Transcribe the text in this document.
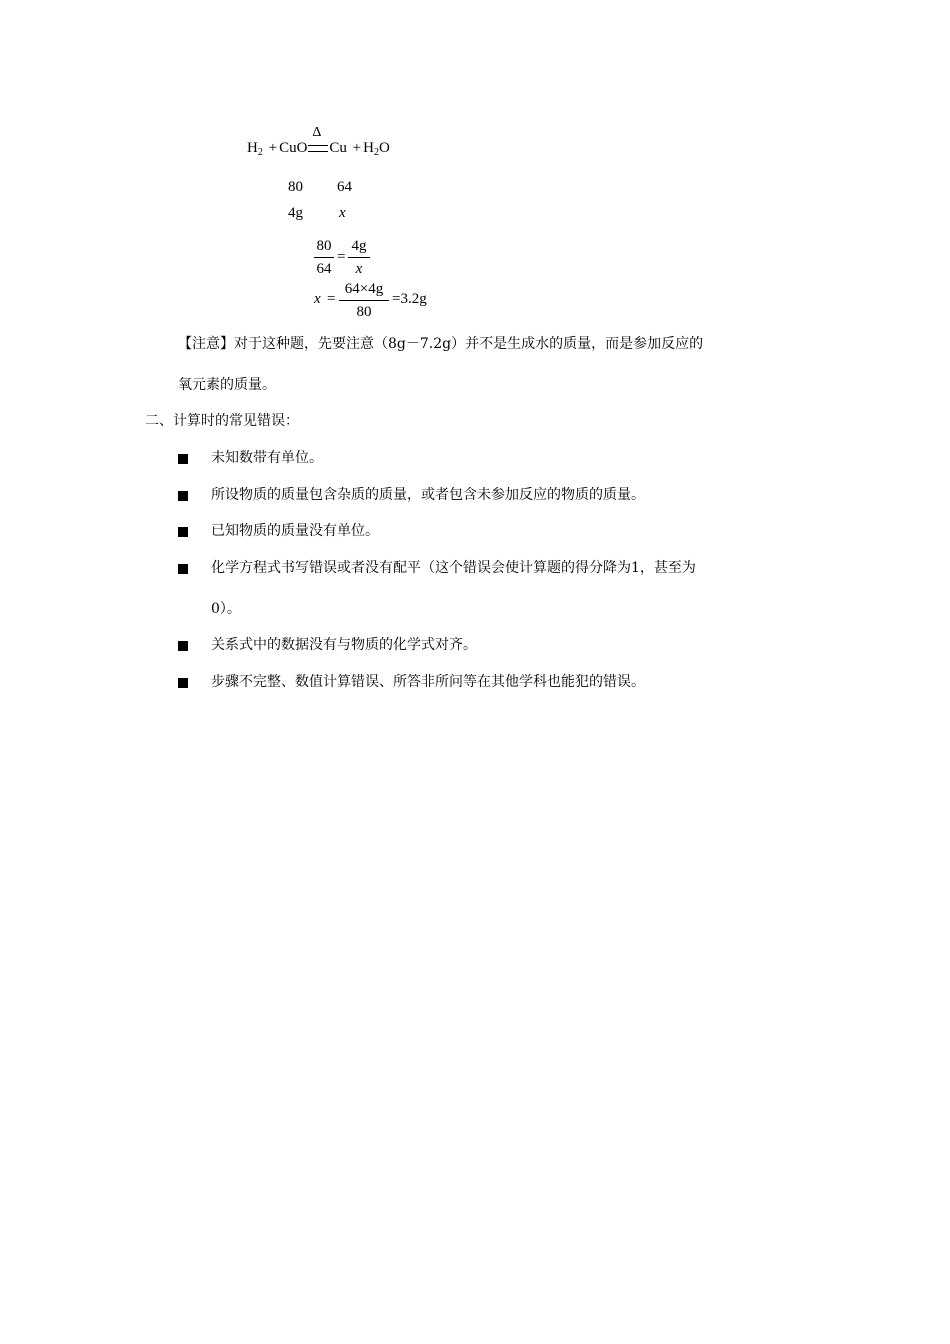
$H_2$ + CuO
Δ
$Cu + H_2O$
80 64
4g x
80
64
=
4g
x
x =
64×4g
80
=3.2g
【注意】对于这种题，先要注意（8g－7.2g）并不是生成水的质量，而是参加反应的
氧元素的质量。
二、计算时的常见错误：
未知数带有单位。
所设物质的质量包含杂质的质量，或者包含未参加反应的物质的质量。
已知物质的质量没有单位。
化学方程式书写错误或者没有配平（这个错误会使计算题的得分降为1，甚至为
0）。
关系式中的数据没有与物质的化学式对齐。
步骤不完整、数值计算错误、所答非所问等在其他学科也能犯的错误。
